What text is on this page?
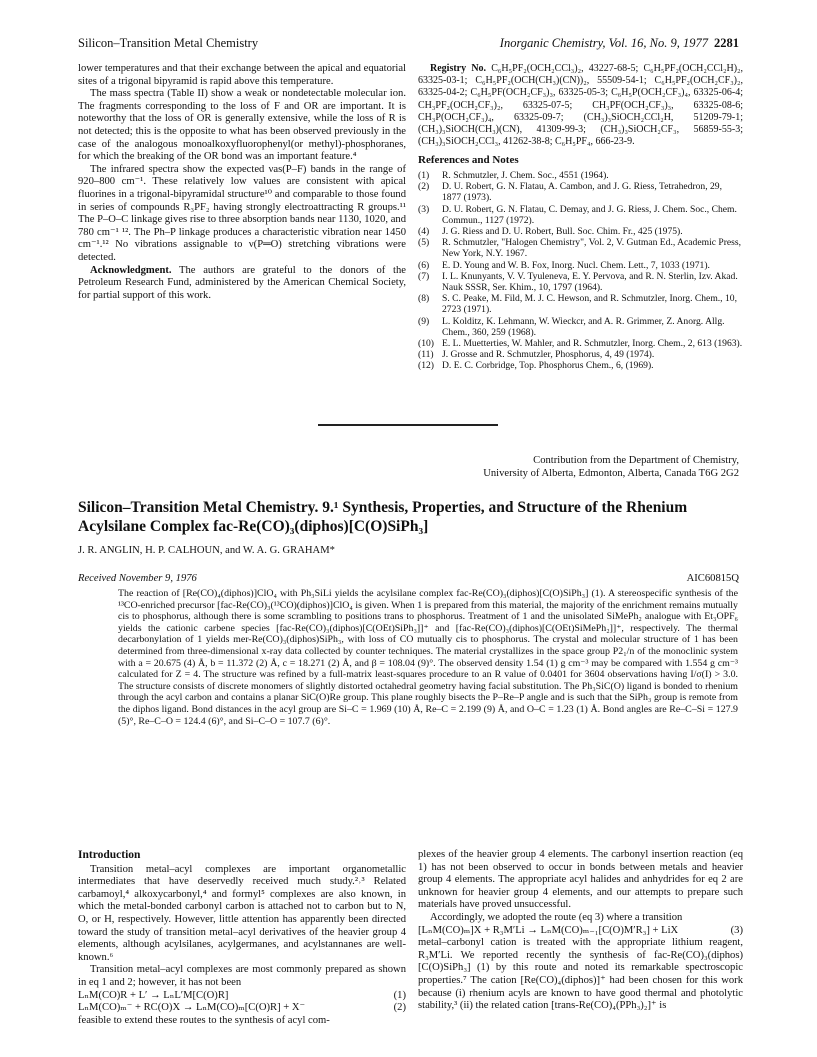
Silicon–Transition Metal Chemistry	Inorganic Chemistry, Vol. 16, No. 9, 1977 2281

lower temperatures and that their exchange between the apical and equatorial sites of a trigonal bipyramid is rapid above this temperature.

The mass spectra (Table II) show a weak or nondetectable molecular ion. The fragments corresponding to the loss of F and OR are important. It is noteworthy that the loss of OR is generally extensive, while the loss of R is not detected; this is the opposite to what has been observed previously in the case of the analogous monoalkoxyfluorophenyl(or methyl)-phosphoranes, for which the breaking of the OR bond was an important feature.⁴

The infrared spectra show the expected νas(P–F) bands in the range of 920–800 cm⁻¹. These relatively low values are consistent with apical fluorines in a trigonal-bipyramidal structure¹⁰ and comparable to those found in series of compounds R₃PF₂ having strongly electroattracting R groups.¹¹ The P–O–C linkage gives rise to three absorption bands near 1130, 1020, and 780 cm⁻¹ ¹². The Ph–P linkage produces a characteristic vibration near 1450 cm⁻¹.¹² No vibrations assignable to ν(P═O) stretching vibrations were detected.

Acknowledgment. The authors are grateful to the donors of the Petroleum Research Fund, administered by the American Chemical Society, for partial support of this work.

Registry No. C₆H₅PF₂(OCH₂CCl₃)₂, 43227-68-5; C₆H₅PF₂(OCH₂CCl₂H)₂, 63325-03-1; C₆H₅PF₂(OCH(CH₃)(CN))₂, 55509-54-1; C₆H₅PF₂(OCH₂CF₃)₂, 63325-04-2; C₆H₅PF(OCH₂CF₃)₃, 63325-05-3; C₆H₅P(OCH₂CF₃)₄, 63325-06-4; CH₃PF₂(OCH₂CF₃)₂, 63325-07-5; CH₃PF(OCH₂CF₃)₃, 63325-08-6; CH₃P(OCH₂CF₃)₄, 63325-09-7; (CH₃)₃SiOCH₂CCl₂H, 51209-79-1; (CH₃)₃SiOCH(CH₃)(CN), 41309-99-3; (CH₃)₃SiOCH₂CF₃, 56859-55-3; (CH₃)₃SiOCH₂CCl₃, 41262-38-8; C₆H₅PF₄, 666-23-9.

References and Notes
(1)	R. Schmutzler, J. Chem. Soc., 4551 (1964).
(2)	D. U. Robert, G. N. Flatau, A. Cambon, and J. G. Riess, Tetrahedron, 29, 1877 (1973).
(3)	D. U. Robert, G. N. Flatau, C. Demay, and J. G. Riess, J. Chem. Soc., Chem. Commun., 1127 (1972).
(4)	J. G. Riess and D. U. Robert, Bull. Soc. Chim. Fr., 425 (1975).
(5)	R. Schmutzler, "Halogen Chemistry", Vol. 2, V. Gutman Ed., Academic Press, New York, N.Y. 1967.
(6)	E. D. Young and W. B. Fox, Inorg. Nucl. Chem. Lett., 7, 1033 (1971).
(7)	I. L. Knunyants, V. V. Tyuleneva, E. Y. Pervova, and R. N. Sterlin, Izv. Akad. Nauk SSSR, Ser. Khim., 10, 1797 (1964).
(8)	S. C. Peake, M. Fild, M. J. C. Hewson, and R. Schmutzler, Inorg. Chem., 10, 2723 (1971).
(9)	L. Kolditz, K. Lehmann, W. Wieckcr, and A. R. Grimmer, Z. Anorg. Allg. Chem., 360, 259 (1968).
(10) E. L. Muetterties, W. Mahler, and R. Schmutzler, Inorg. Chem., 2, 613 (1963).
(11) J. Grosse and R. Schmutzler, Phosphorus, 4, 49 (1974).
(12) D. E. C. Corbridge, Top. Phosphorus Chem., 6, (1969).
Contribution from the Department of Chemistry,
University of Alberta, Edmonton, Alberta, Canada T6G 2G2
Silicon–Transition Metal Chemistry. 9.¹ Synthesis, Properties, and Structure of the Rhenium Acylsilane Complex fac-Re(CO)₃(diphos)[C(O)SiPh₃]
J. R. ANGLIN, H. P. CALHOUN, and W. A. G. GRAHAM*
Received November 9, 1976	AIC60815Q
The reaction of [Re(CO)₄(diphos)]ClO₄ with Ph₃SiLi yields the acylsilane complex fac-Re(CO)₃(diphos)[C(O)SiPh₃] (1). A stereospecific synthesis of the ¹³CO-enriched precursor [fac-Re(CO)₃(¹³CO)(diphos)]ClO₄ is given. When 1 is prepared from this material, the majority of the enrichment remains mutually cis to phosphorus, although there is some scrambling to positions trans to phosphorus. Treatment of 1 and the unisolated SiMePh₂ analogue with Et₃OPF₆ yields the cationic carbene species [fac-Re(CO)₃(diphos)[C(OEt)SiPh₃]]⁺ and [fac-Re(CO)₃(diphos)[C(OEt)SiMePh₂]]⁺, respectively. The thermal decarbonylation of 1 yields mer-Re(CO)₃(diphos)SiPh₃, with loss of CO mutually cis to phosphorus. The crystal and molecular structure of 1 has been determined from three-dimensional x-ray data collected by counter techniques. The material crystallizes in the space group P2₁/n of the monoclinic system with a = 20.675 (4) Å, b = 11.372 (2) Å, c = 18.271 (2) Å, and β = 108.04 (9)°. The observed density 1.54 (1) g cm⁻³ may be compared with 1.554 g cm⁻³ calculated for Z = 4. The structure was refined by a full-matrix least-squares procedure to an R value of 0.0401 for 3604 observations having I/σ(I) > 3.0. The structure consists of discrete monomers of slightly distorted octahedral geometry having facial substitution. The Ph₃SiC(O) ligand is bonded to rhenium through the acyl carbon and contains a planar SiC(O)Re group. This plane roughly bisects the P–Re–P angle and is such that the SiPh₃ group is remote from the diphos ligand. Bond distances in the acyl group are Si–C = 1.969 (10) Å, Re–C = 2.199 (9) Å, and O–C = 1.23 (1) Å. Bond angles are Re–C–Si = 127.9 (5)°, Re–C–O = 124.4 (6)°, and Si–C–O = 107.7 (6)°.
Introduction

Transition metal–acyl complexes are important organometallic intermediates that have deservedly received much study.²˒³ Related carbamoyl,⁴ alkoxycarbonyl,⁴ and formyl⁵ complexes are also known, in which the metal-bonded carbonyl carbon is attached not to carbon but to N, O, or H, respectively. However, little attention has apparently been directed toward the study of transition metal–acyl derivatives of the heavier group 4 elements, although acylsilanes, acylgermanes, and acylstannanes are well-known.⁶

Transition metal–acyl complexes are most commonly prepared as shown in eq 1 and 2; however, it has not been

LₙM(CO)R + L′ → LₙL′M[C(O)R]	(1)
LₙM(CO)ₘ⁻ + RC(O)X → LₙM(CO)ₘ[C(O)R] + X⁻	(2)

feasible to extend these routes to the synthesis of acyl com-

plexes of the heavier group 4 elements. The carbonyl insertion reaction (eq 1) has not been observed to occur in bonds between metals and heavier group 4 elements. The appropriate acyl halides and anhydrides for eq 2 are unknown for heavier group 4 elements, and our attempts to prepare such materials have proved unsuccessful.

Accordingly, we adopted the route (eq 3) where a transition

[LₙM(CO)ₘ]X + R₃M′Li → LₙM(CO)ₘ₋₁[C(O)M′R₃] + LiX	(3)

metal–carbonyl cation is treated with the appropriate lithium reagent, R₃M′Li. We reported recently the synthesis of fac-Re(CO)₃(diphos)[C(O)SiPh₃] (1) by this route and noted its remarkable spectroscopic properties.⁷ The cation [Re(CO)₄(diphos)]⁺ had been chosen for this work because (i) rhenium acyls are known to have good thermal and photolytic stability,³ (ii) the related cation [trans-Re(CO)₄(PPh₃)₂]⁺ is
